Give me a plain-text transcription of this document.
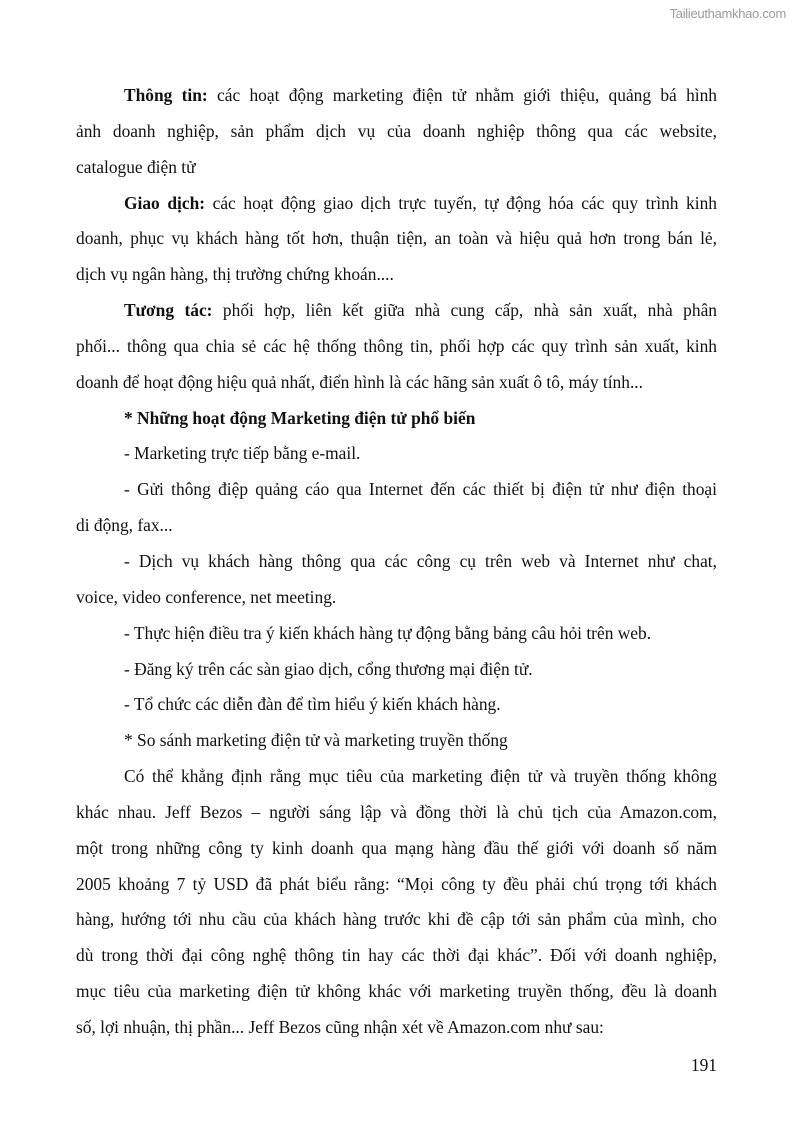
Tailieuthamkhao.com
Thông tin: các hoạt động marketing điện tử nhằm giới thiệu, quảng bá hình
ảnh doanh nghiệp, sản phẩm dịch vụ của doanh nghiệp thông qua các website,
catalogue điện tử
Giao dịch: các hoạt động giao dịch trực tuyến, tự động hóa các quy trình kinh
doanh, phục vụ khách hàng tốt hơn, thuận tiện, an toàn và hiệu quả hơn trong bán lẻ,
dịch vụ ngân hàng, thị trường chứng khoán....
Tương tác: phối hợp, liên kết giữa nhà cung cấp, nhà sản xuất, nhà phân
phối... thông qua chia sẻ các hệ thống thông tin, phối hợp các quy trình sản xuất, kinh
doanh để hoạt động hiệu quả nhất, điển hình là các hãng sản xuất ô tô, máy tính...
* Những hoạt động Marketing điện tử phổ biến
- Marketing trực tiếp bằng e-mail.
- Gửi thông điệp quảng cáo qua Internet đến các thiết bị điện tử như điện thoại
di động, fax...
- Dịch vụ khách hàng thông qua các công cụ trên web và Internet như chat,
voice, video conference, net meeting.
- Thực hiện điều tra ý kiến khách hàng tự động bằng bảng câu hỏi trên web.
- Đăng ký trên các sàn giao dịch, cổng thương mại điện tử.
- Tổ chức các diễn đàn để tìm hiểu ý kiến khách hàng.
* So sánh marketing điện tử và marketing truyền thống
Có thể khẳng định rằng mục tiêu của marketing điện tử và truyền thống không
khác nhau. Jeff Bezos – người sáng lập và đồng thời là chủ tịch của Amazon.com,
một trong những công ty kinh doanh qua mạng hàng đầu thế giới với doanh số năm
2005 khoảng 7 tỷ USD đã phát biểu rằng: “Mọi công ty đều phải chú trọng tới khách
hàng, hướng tới nhu cầu của khách hàng trước khi đề cập tới sản phẩm của mình, cho
dù trong thời đại công nghệ thông tin hay các thời đại khác”. Đối với doanh nghiệp,
mục tiêu của marketing điện tử không khác với marketing truyền thống, đều là doanh
số, lợi nhuận, thị phần... Jeff Bezos cũng nhận xét về Amazon.com như sau:
191
